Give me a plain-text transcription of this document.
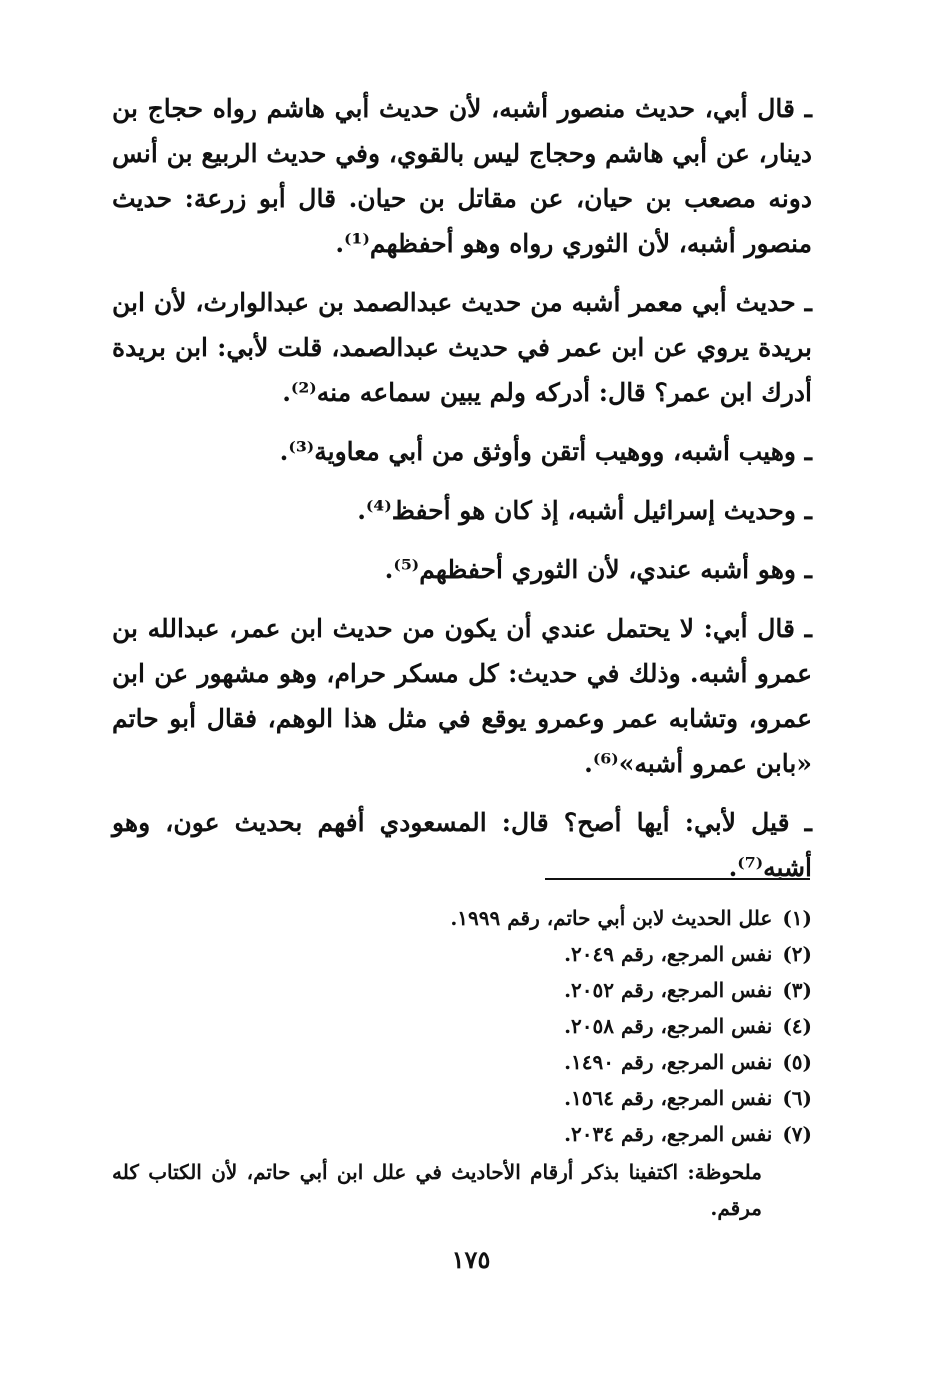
ـ قال أبي، حديث منصور أشبه، لأن حديث أبي هاشم رواه حجاج بن دينار، عن أبي هاشم وحجاج ليس بالقوي، وفي حديث الربيع بن أنس دونه مصعب بن حيان، عن مقاتل بن حيان. قال أبو زرعة: حديث منصور أشبه، لأن الثوري رواه وهو أحفظهم⁽¹⁾.

ـ حديث أبي معمر أشبه من حديث عبدالصمد بن عبدالوارث، لأن ابن بريدة يروي عن ابن عمر في حديث عبدالصمد، قلت لأبي: ابن بريدة أدرك ابن عمر؟ قال: أدركه ولم يبين سماعه منه⁽²⁾.

ـ وهيب أشبه، ووهيب أتقن وأوثق من أبي معاوية⁽³⁾.

ـ وحديث إسرائيل أشبه، إذ كان هو أحفظ⁽⁴⁾.

ـ وهو أشبه عندي، لأن الثوري أحفظهم⁽⁵⁾.

ـ قال أبي: لا يحتمل عندي أن يكون من حديث ابن عمر، عبدالله بن عمرو أشبه. وذلك في حديث: كل مسكر حرام، وهو مشهور عن ابن عمرو، وتشابه عمر وعمرو يوقع في مثل هذا الوهم، فقال أبو حاتم «بابن عمرو أشبه»⁽⁶⁾.

ـ قيل لأبي: أيها أصح؟ قال: المسعودي أفهم بحديث عون، وهو أشبه⁽⁷⁾.

(١)علل الحديث لابن أبي حاتم، رقم ١٩٩٩.

(٢)نفس المرجع، رقم ٢٠٤٩.

(٣)نفس المرجع، رقم ٢٠٥٢.

(٤)نفس المرجع، رقم ٢٠٥٨.

(٥)نفس المرجع، رقم ١٤٩٠.

(٦)نفس المرجع، رقم ١٥٦٤.

(٧)نفس المرجع، رقم ٢٠٣٤.

ملحوظة: اكتفينا بذكر أرقام الأحاديث في علل ابن أبي حاتم، لأن الكتاب كله مرقم.

١٧٥
